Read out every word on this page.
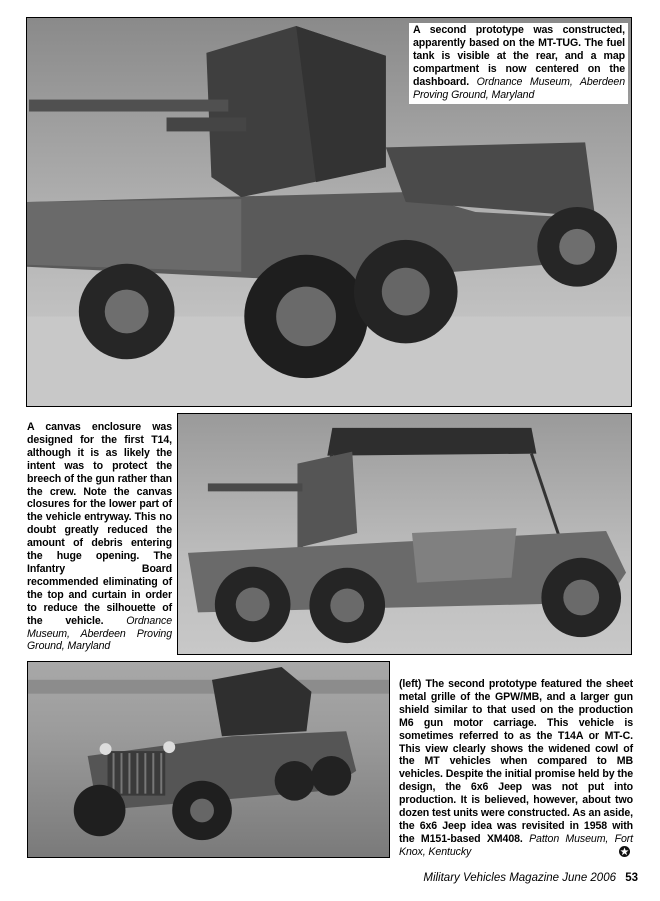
A second prototype was constructed, apparently based on the MT-TUG. The fuel tank is visible at the rear, and a map compartment is now centered on the dashboard. Ordnance Museum, Aberdeen Proving Ground, Maryland
A canvas enclosure was designed for the first T14, although it is as likely the intent was to protect the breech of the gun rather than the crew. Note the canvas closures for the lower part of the vehicle entryway. This no doubt greatly reduced the amount of debris entering the huge opening. The Infantry Board recommended eliminating of the top and curtain in order to reduce the silhouette of the vehicle. Ordnance Museum, Aberdeen Proving Ground, Maryland
(left) The second prototype featured the sheet metal grille of the GPW/MB, and a larger gun shield similar to that used on the production M6 gun motor carriage. This vehicle is sometimes referred to as the T14A or MT-C. This view clearly shows the widened cowl of the MT vehicles when compared to MB vehicles. Despite the initial promise held by the design, the 6x6 Jeep was not put into production. It is believed, however, about two dozen test units were constructed. As an aside, the 6x6 Jeep idea was revisited in 1958 with the M151-based XM408. Patton Museum, Fort Knox, Kentucky
Military Vehicles Magazine June 2006 53
